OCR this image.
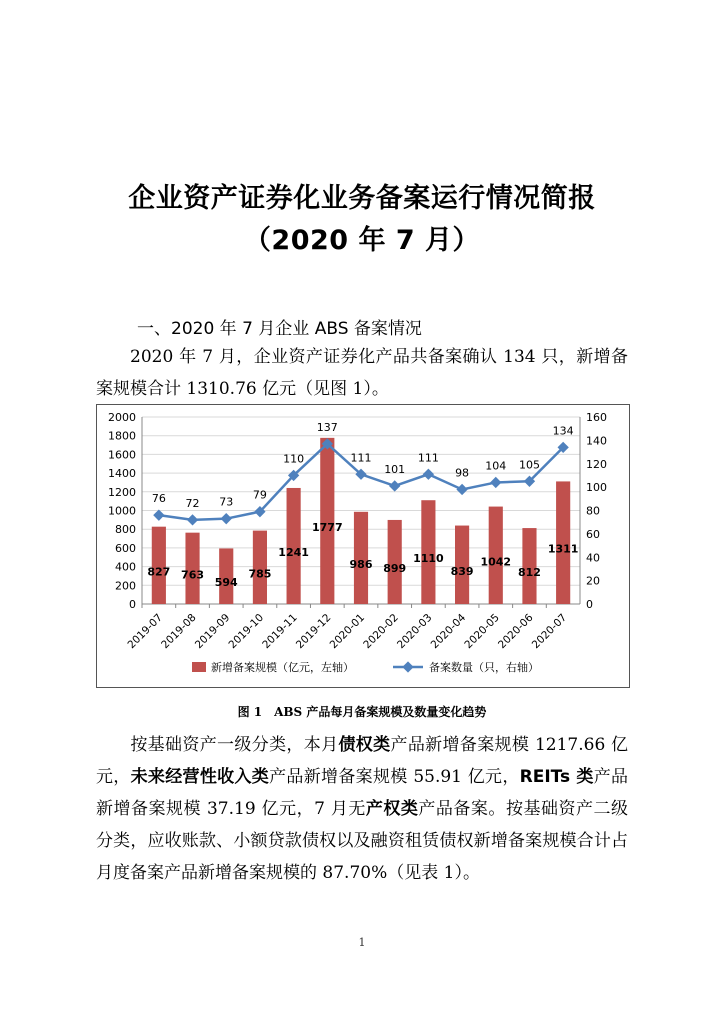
企业资产证券化业务备案运行情况简报
（2020 年 7 月）
一、2020 年 7 月企业 ABS 备案情况
2020 年 7 月，企业资产证券化产品共备案确认 134 只，新增备案规模合计 1310.76 亿元（见图 1）。
0
200
400
600
800
1000
1200
1400
1600
1800
2000
0
20
40
60
80
100
120
140
160
2019-07
2019-08
2019-09
2019-10
2019-11
2019-12
2020-01
2020-02
2020-03
2020-04
2020-05
2020-06
2020-07
827 763
594
785
1241
1777
986 899
1110
839
1042
812
1311
76 72 73
79
110
137
111
101
111
98
104 105
134
新增备案规模（亿元，左轴）	备案数量（只，右轴）
图 1　ABS 产品每月备案规模及数量变化趋势
按基础资产一级分类，本月债权类产品新增备案规模 1217.66 亿元，未来经营性收入类产品新增备案规模 55.91 亿元，REITs 类产品新增备案规模 37.19 亿元，7 月无产权类产品备案。按基础资产二级分类，应收账款、小额贷款债权以及融资租赁债权新增备案规模合计占月度备案产品新增备案规模的 87.70%（见表 1）。
1
